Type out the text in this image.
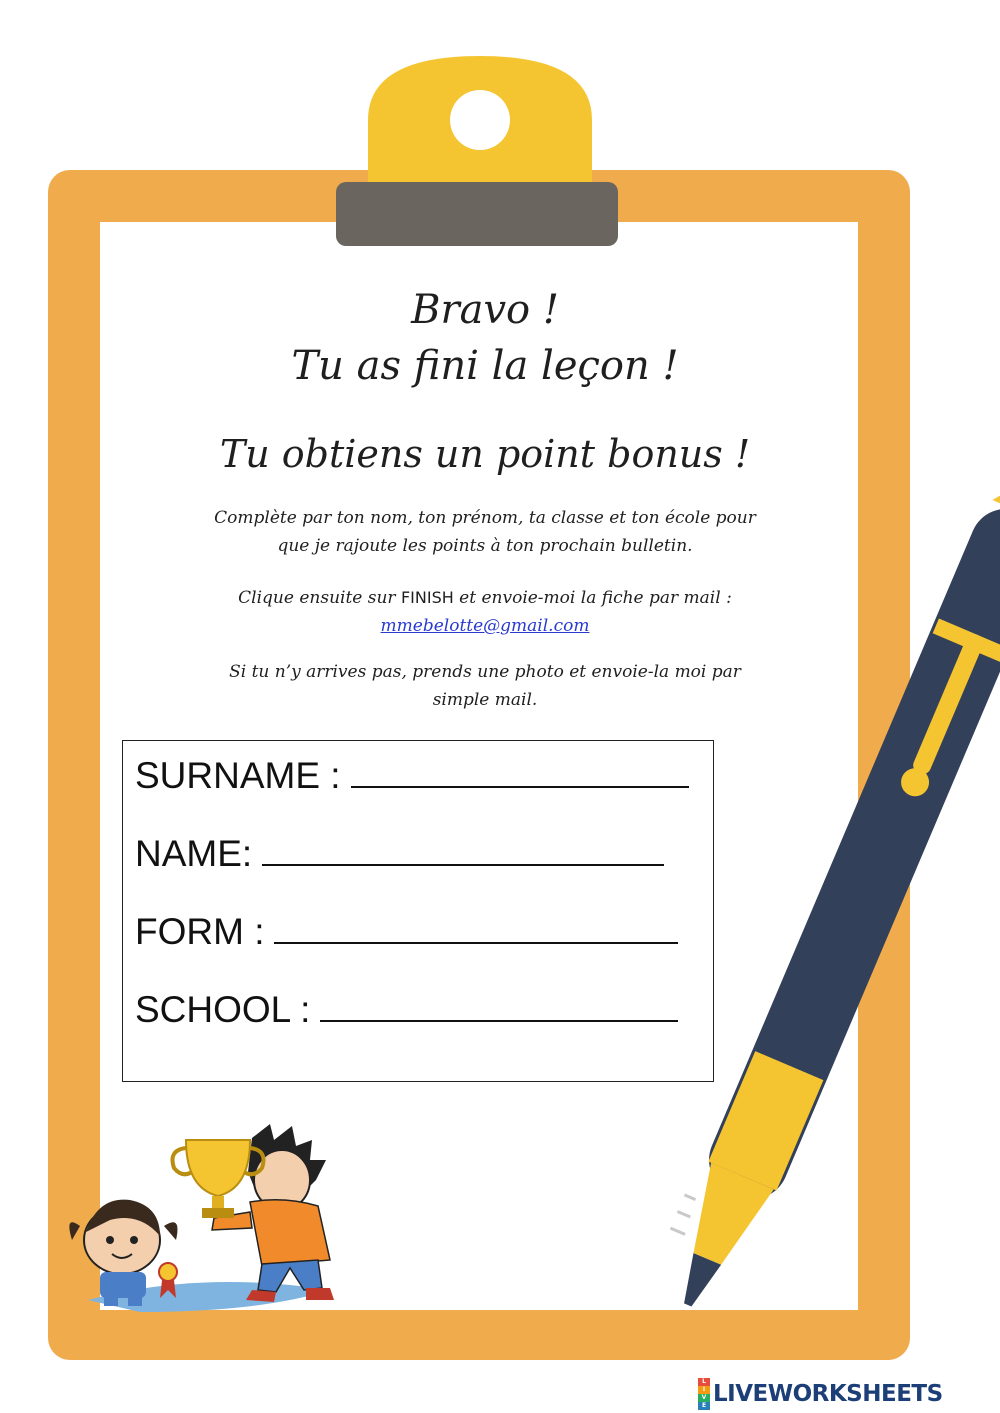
Bravo !

Tu as fini la leçon !

Tu obtiens un point bonus !

Complète par ton nom, ton prénom, ta classe et ton école pour
que je rajoute les points à ton prochain bulletin.

Clique ensuite sur FINISH et envoie-moi la fiche par mail :
mmebelotte@gmail.com

Si tu n’y arrives pas, prends une photo et envoie-la moi par
simple mail.

SURNAME :
NAME:
FORM :
SCHOOL :
L
I
V
E LIVEWORKSHEETS
